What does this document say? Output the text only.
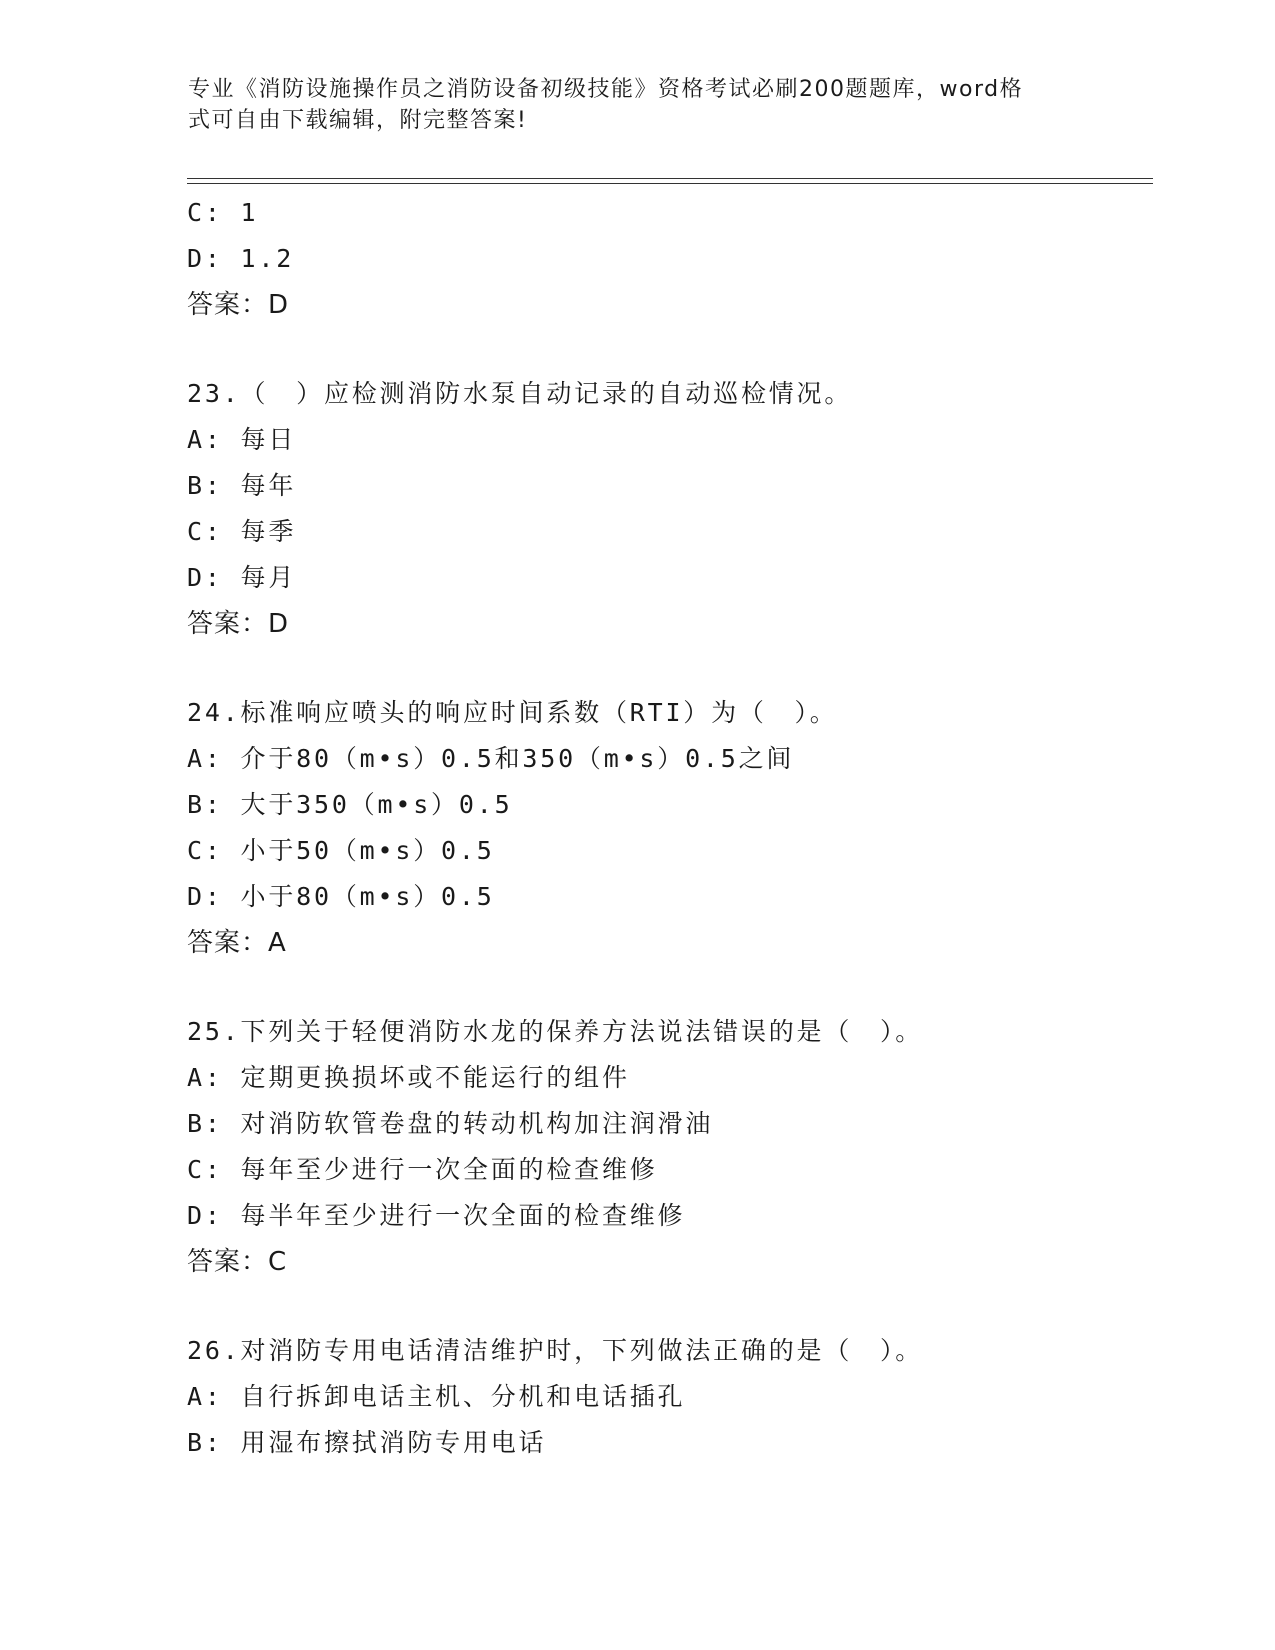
专业《消防设施操作员之消防设备初级技能》资格考试必刷200题题库，word格
式可自由下载编辑，附完整答案!
C: 1
D: 1.2
答案：D
23.（　）应检测消防水泵自动记录的自动巡检情况。
A: 每日
B: 每年
C: 每季
D: 每月
答案：D
24.标准响应喷头的响应时间系数（RTI）为（　）。
A: 介于80（m•s）0.5和350（m•s）0.5之间
B: 大于350（m•s）0.5
C: 小于50（m•s）0.5
D: 小于80（m•s）0.5
答案：A
25.下列关于轻便消防水龙的保养方法说法错误的是（　）。
A: 定期更换损坏或不能运行的组件
B: 对消防软管卷盘的转动机构加注润滑油
C: 每年至少进行一次全面的检查维修
D: 每半年至少进行一次全面的检查维修
答案：C
26.对消防专用电话清洁维护时，下列做法正确的是（　）。
A: 自行拆卸电话主机、分机和电话插孔
B: 用湿布擦拭消防专用电话
